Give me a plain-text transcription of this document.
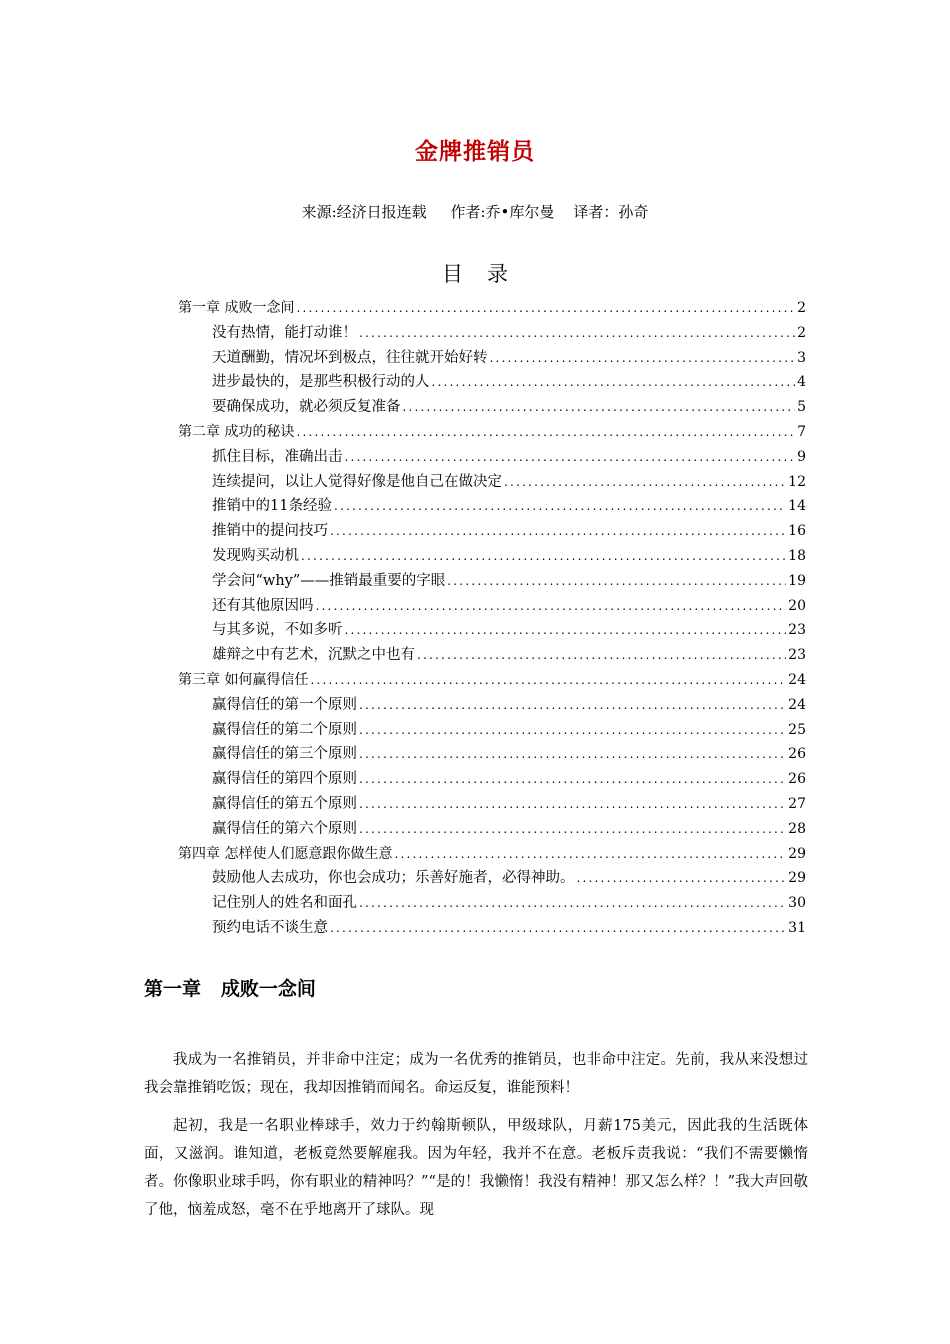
金牌推销员
来源:经济日报连载     作者:乔•库尔曼    译者：孙奇
目录
第一章 成败一念间 .....	2
没有热情，能打动谁！ .....	2
天道酬勤，情况坏到极点，往往就开始好转 .....	3
进步最快的，是那些积极行动的人 .....	4
要确保成功，就必须反复准备 .....	5
第二章 成功的秘诀 .....	7
抓住目标，准确出击 .....	9
连续提问，以让人觉得好像是他自己在做决定 .....	12
推销中的11条经验 .....	14
推销中的提问技巧 .....	16
发现购买动机 .....	18
学会问“why”——推销最重要的字眼 .....	19
还有其他原因吗 .....	20
与其多说，不如多听 .....	23
雄辩之中有艺术，沉默之中也有 .....	23
第三章 如何赢得信任 .....	24
赢得信任的第一个原则 .....	24
赢得信任的第二个原则 .....	25
赢得信任的第三个原则 .....	26
赢得信任的第四个原则 .....	26
赢得信任的第五个原则 .....	27
赢得信任的第六个原则 .....	28
第四章 怎样使人们愿意跟你做生意 .....	29
鼓励他人去成功，你也会成功；乐善好施者，必得神助。 .....	29
记住别人的姓名和面孔 .....	30
预约电话不谈生意 .....	31
第一章   成败一念间

我成为一名推销员，并非命中注定；成为一名优秀的推销员，也非命中注定。先前，我从来没想过我会靠推销吃饭；现在，我却因推销而闻名。命运反复，谁能预料！

起初，我是一名职业棒球手，效力于约翰斯顿队，甲级球队，月薪175美元，因此我的生活既体面，又滋润。谁知道，老板竟然要解雇我。因为年轻，我并不在意。老板斥责我说：“我们不需要懒惰者。你像职业球手吗，你有职业的精神吗？”“是的！我懒惰！我没有精神！那又怎么样？！”我大声回敬了他，恼羞成怒，毫不在乎地离开了球队。现
